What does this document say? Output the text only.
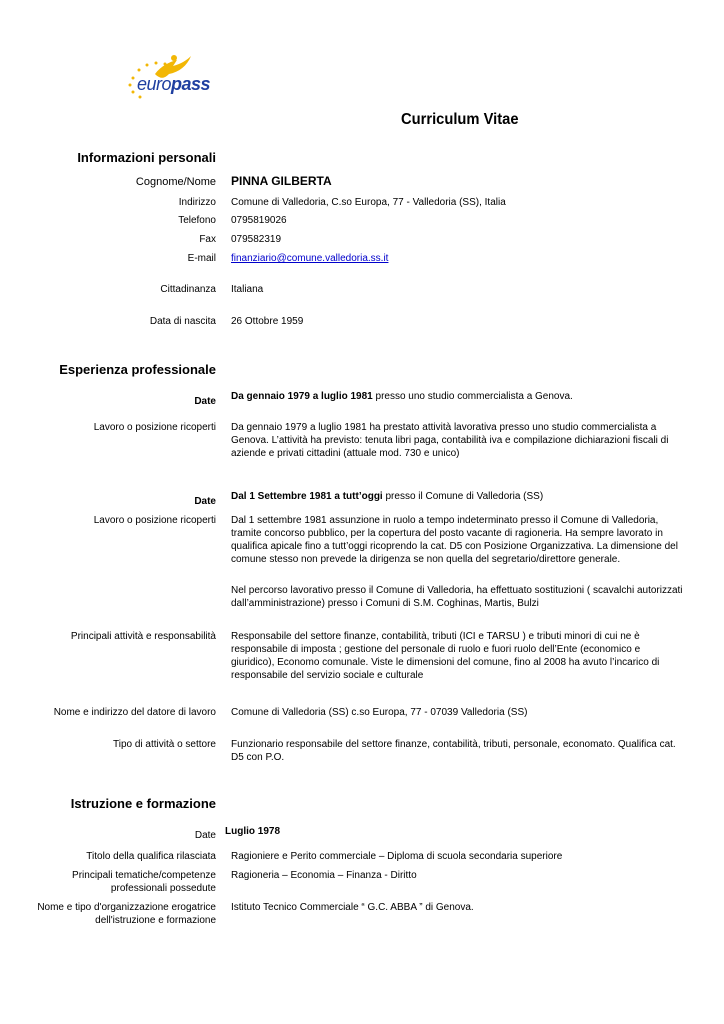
europass
Curriculum Vitae
Informazioni personali
Cognome/Nome PINNA GILBERTA
Indirizzo Comune di Valledoria, C.so Europa, 77 - Valledoria (SS), Italia
Telefono 0795819026
Fax 079582319
E-mail finanziario@comune.valledoria.ss.it
Cittadinanza Italiana
Data di nascita 26 Ottobre 1959
Esperienza professionale
Date Da gennaio 1979 a luglio 1981 presso uno studio commercialista a Genova.
Lavoro o posizione ricoperti Da gennaio 1979 a luglio 1981 ha prestato attività lavorativa presso uno studio commercialista a Genova. L’attività ha previsto: tenuta libri paga, contabilità iva e compilazione dichiarazioni fiscali di aziende e privati cittadini (attuale mod. 730 e unico)
Date Dal 1 Settembre 1981 a tutt’oggi presso il Comune di Valledoria (SS)
Lavoro o posizione ricoperti Dal 1 settembre 1981 assunzione in ruolo a tempo indeterminato presso il Comune di Valledoria, tramite concorso pubblico, per la copertura del posto vacante di ragioneria. Ha sempre lavorato in qualifica apicale fino a tutt’oggi ricoprendo la cat. D5 con Posizione Organizzativa. La dimensione del comune stesso non prevede la dirigenza se non quella del segretario/direttore generale.
Nel percorso lavorativo presso il Comune di Valledoria, ha effettuato sostituzioni ( scavalchi autorizzati dall’amministrazione) presso i Comuni di S.M. Coghinas, Martis, Bulzi
Principali attività e responsabilità Responsabile del settore finanze, contabilità, tributi (ICI e TARSU ) e tributi minori di cui ne è responsabile di imposta ; gestione del personale di ruolo e fuori ruolo dell’Ente (economico e giuridico), Economo comunale. Viste le dimensioni del comune, fino al 2008 ha avuto l’incarico di responsabile del servizio sociale e culturale
Nome e indirizzo del datore di lavoro Comune di Valledoria (SS) c.so Europa, 77 - 07039 Valledoria (SS)
Tipo di attività o settore Funzionario responsabile del settore finanze, contabilità, tributi, personale, economato. Qualifica cat. D5 con P.O.
Istruzione e formazione
Date Luglio 1978
Titolo della qualifica rilasciata Ragioniere e Perito commerciale – Diploma di scuola secondaria superiore
Principali tematiche/competenze professionali possedute
Ragioneria – Economia – Finanza - Diritto
Nome e tipo d'organizzazione erogatrice dell'istruzione e formazione
Istituto Tecnico Commerciale “ G.C. ABBA ” di Genova.
